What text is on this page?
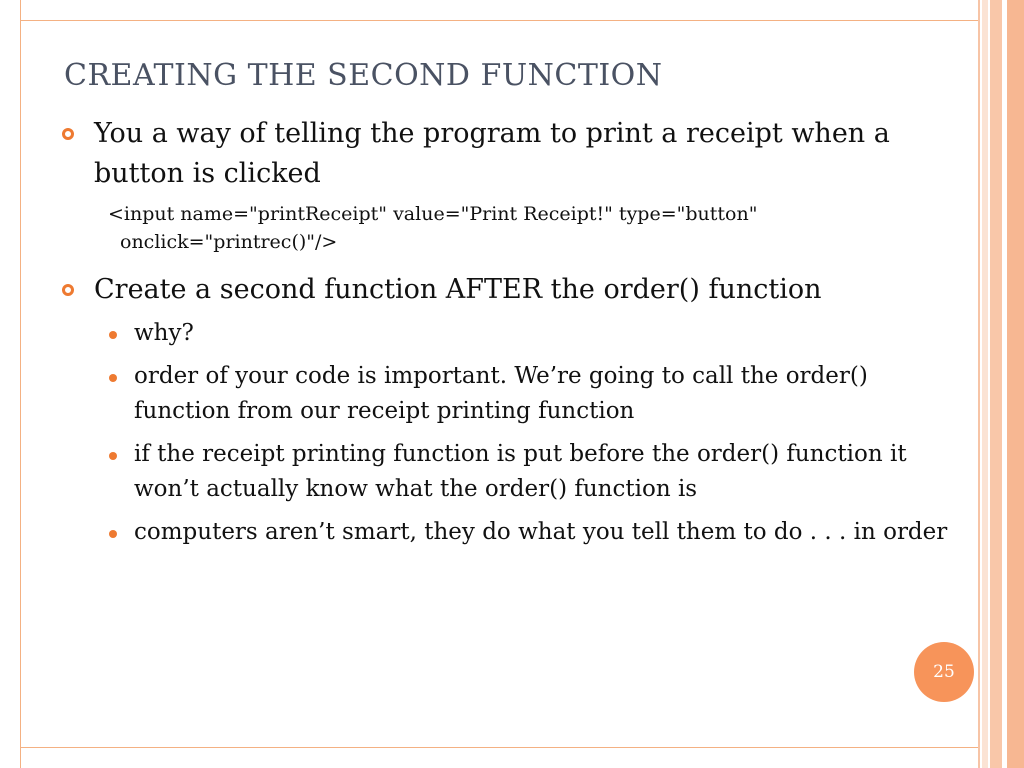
CREATING THE SECOND FUNCTION
You a way of telling the program to print a receipt when a button is clicked
<input name="printReceipt" value="Print Receipt!" type="button" onclick="printrec()"/>
Create a second function AFTER the order() function
why?
order of your code is important. We’re going to call the order() function from our receipt printing function
if the receipt printing function is put before the order() function it won’t actually know what the order() function is
computers aren’t smart, they do what you tell them to do . . . in order
25
